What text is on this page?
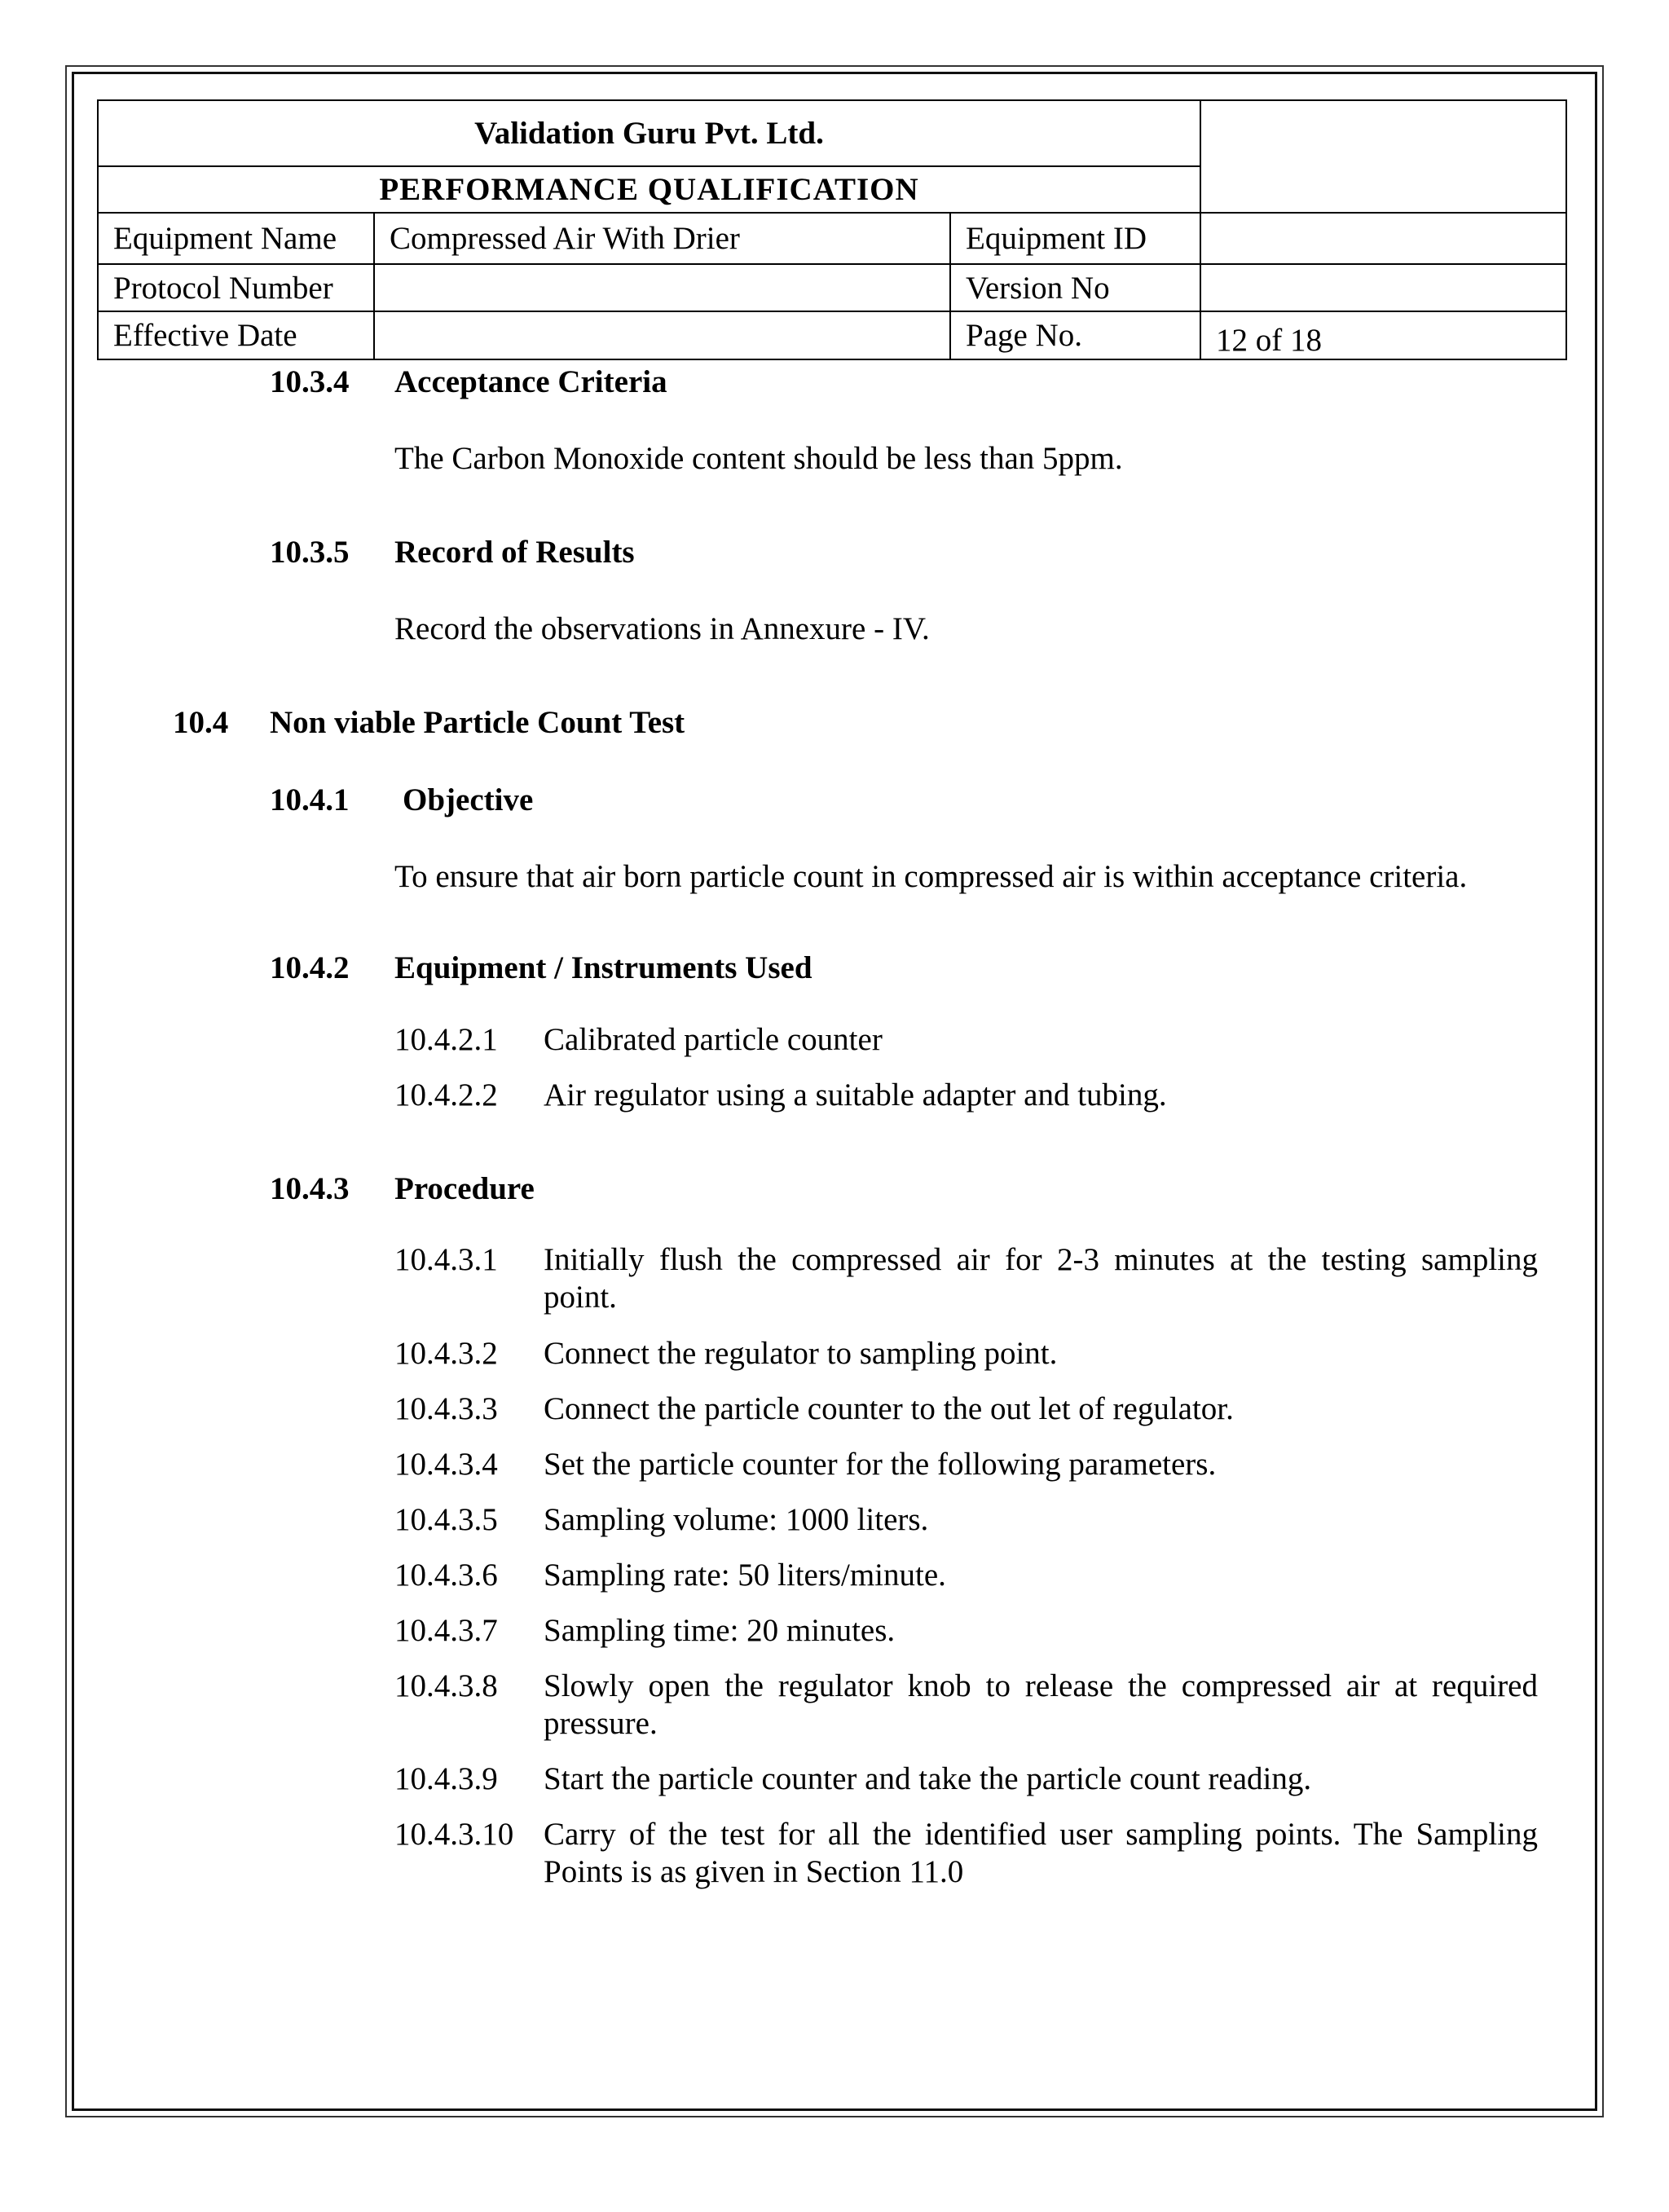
Validation Guru Pvt. Ltd.			
PERFORMANCE QUALIFICATION			
Equipment Name	Compressed Air With Drier	Equipment ID	
Protocol Number		Version No	
Effective Date		Page No.	12 of 18
10.3.4 Acceptance Criteria
The Carbon Monoxide content should be less than 5ppm.
10.3.5 Record of Results
Record the observations in Annexure - IV.
10.4 Non viable Particle Count Test
10.4.1 Objective
To ensure that air born particle count in compressed air is within acceptance criteria.
10.4.2 Equipment / Instruments Used
10.4.2.1 Calibrated particle counter
10.4.2.2 Air regulator using a suitable adapter and tubing.
10.4.3 Procedure
10.4.3.1 Initially flush the compressed air for 2-3 minutes at the testing sampling point.
10.4.3.2 Connect the regulator to sampling point.
10.4.3.3 Connect the particle counter to the out let of regulator.
10.4.3.4 Set the particle counter for the following parameters.
10.4.3.5 Sampling volume: 1000 liters.
10.4.3.6 Sampling rate: 50 liters/minute.
10.4.3.7 Sampling time: 20 minutes.
10.4.3.8 Slowly open the regulator knob to release the compressed air at required pressure.
10.4.3.9 Start the particle counter and take the particle count reading.
10.4.3.10 Carry of the test for all the identified user sampling points. The Sampling Points is as given in Section 11.0
